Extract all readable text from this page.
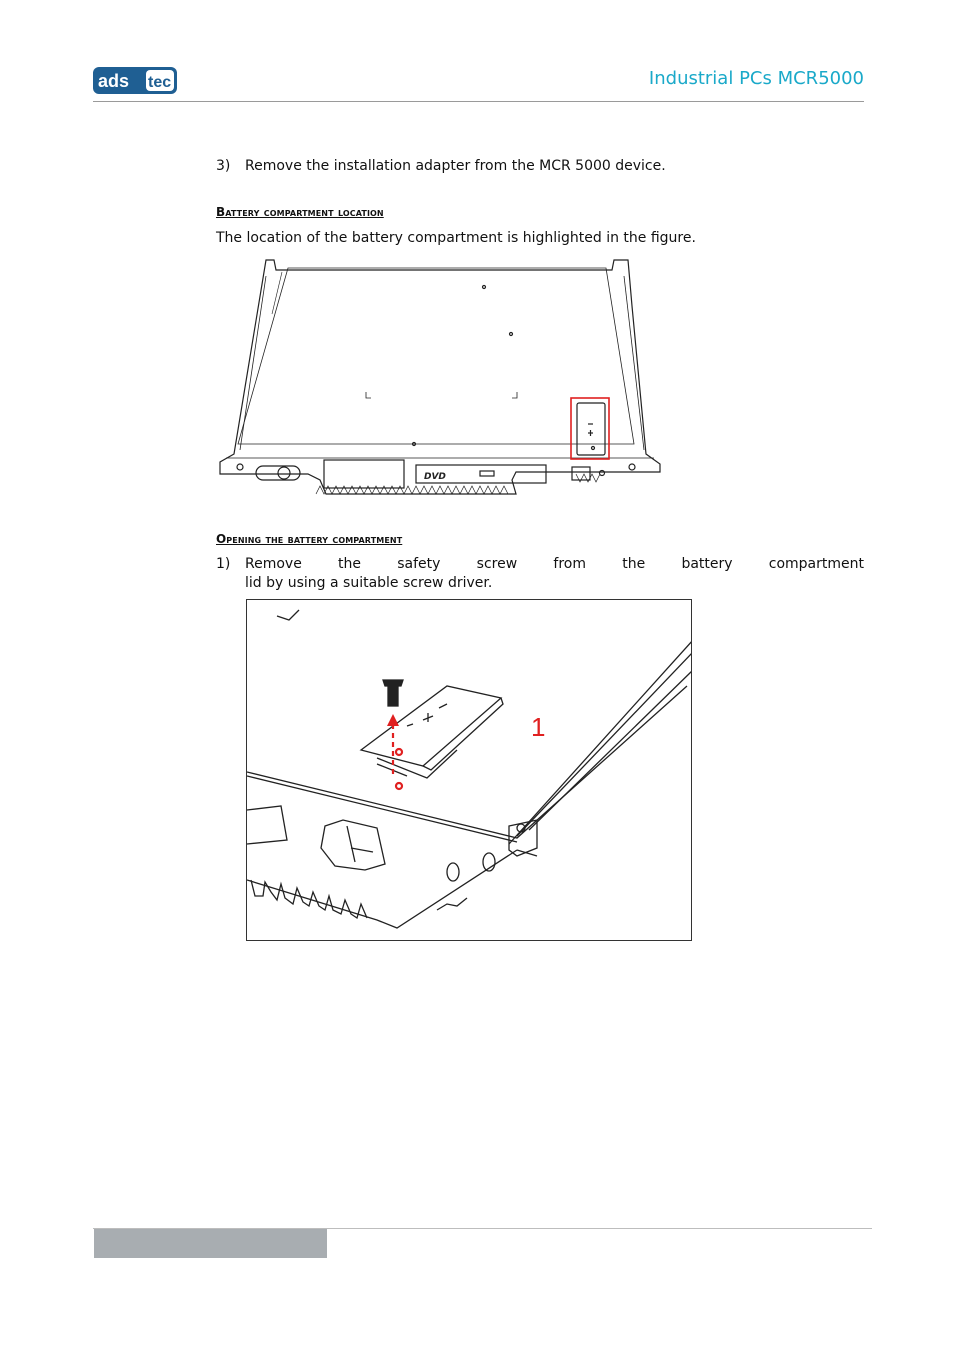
ads tec	Industrial PCs MCR5000
3)	Remove the installation adapter from the MCR 5000 device.
Battery compartment location
The location of the battery compartment is highlighted in the figure.
DVD
Opening the battery compartment
1)	Remove the safety screw from the battery compartment
lid by using a suitable screw driver.
1
